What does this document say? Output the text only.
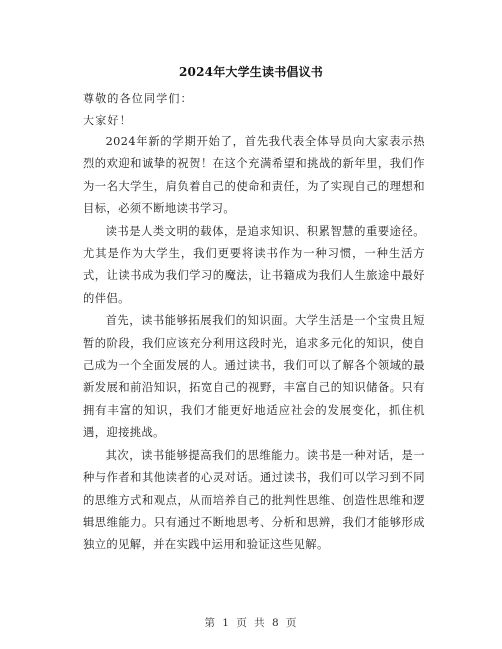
2024年大学生读书倡议书
尊敬的各位同学们：
大家好！

2024年新的学期开始了，首先我代表全体导员向大家表示热烈的欢迎和诚挚的祝贺！在这个充满希望和挑战的新年里，我们作为一名大学生，肩负着自己的使命和责任，为了实现自己的理想和目标，必须不断地读书学习。

读书是人类文明的载体，是追求知识、积累智慧的重要途径。尤其是作为大学生，我们更要将读书作为一种习惯，一种生活方式，让读书成为我们学习的魔法，让书籍成为我们人生旅途中最好的伴侣。

首先，读书能够拓展我们的知识面。大学生活是一个宝贵且短暂的阶段，我们应该充分利用这段时光，追求多元化的知识，使自己成为一个全面发展的人。通过读书，我们可以了解各个领域的最新发展和前沿知识，拓宽自己的视野，丰富自己的知识储备。只有拥有丰富的知识，我们才能更好地适应社会的发展变化，抓住机遇，迎接挑战。

其次，读书能够提高我们的思维能力。读书是一种对话，是一种与作者和其他读者的心灵对话。通过读书，我们可以学习到不同的思维方式和观点，从而培养自己的批判性思维、创造性思维和逻辑思维能力。只有通过不断地思考、分析和思辨，我们才能够形成独立的见解，并在实践中运用和验证这些见解。

第 1 页 共 8 页
